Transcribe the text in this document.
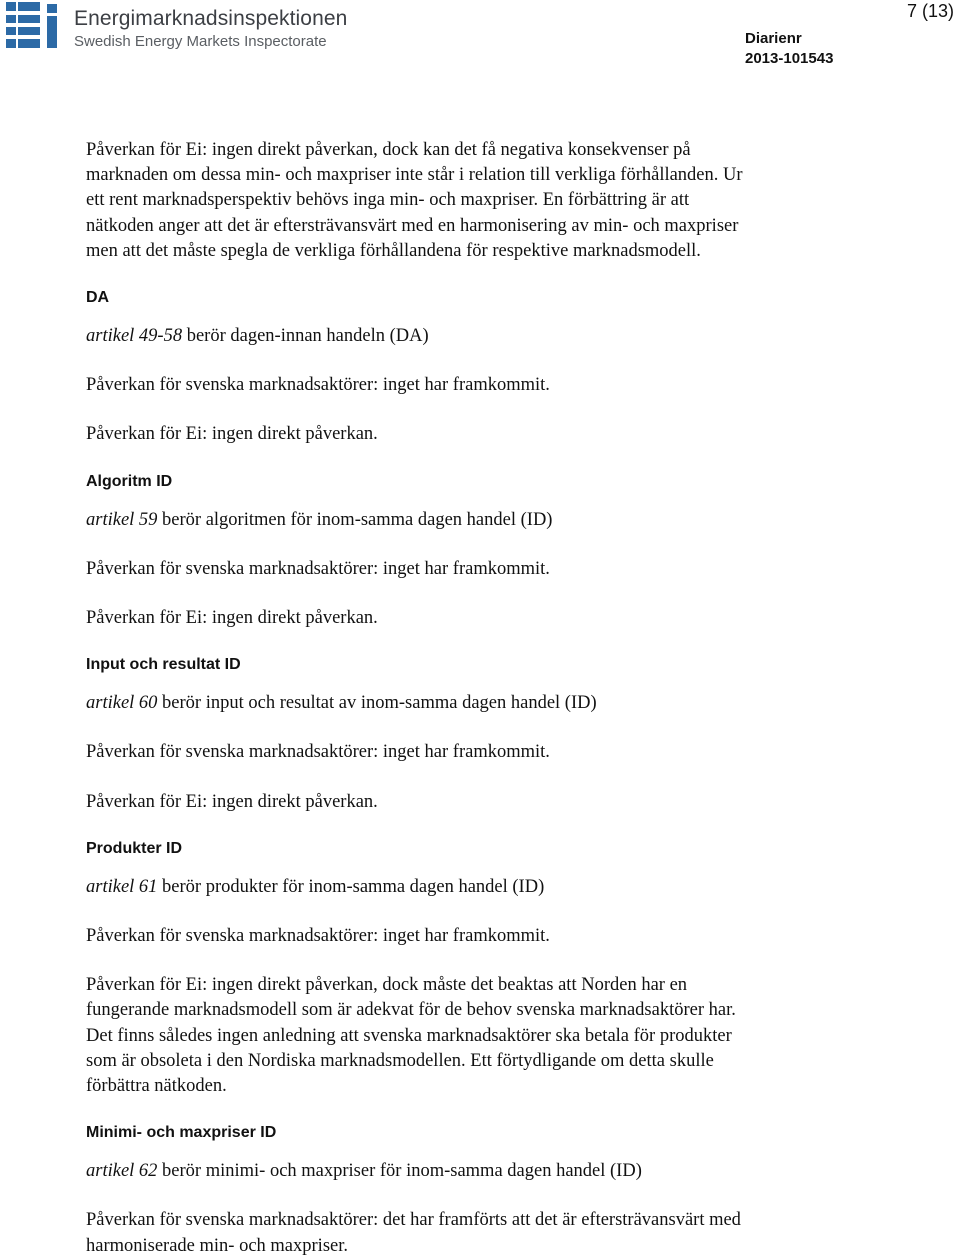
Energimarknadsinspektionen
Swedish Energy Markets Inspectorate
7 (13)
Diarienr
2013-101543

Påverkan för Ei: ingen direkt påverkan, dock kan det få negativa konsekvenser på
marknaden om dessa min- och maxpriser inte står i relation till verkliga förhållanden. Ur
ett rent marknadsperspektiv behövs inga min- och maxpriser. En förbättring är att
nätkoden anger att det är eftersträvansvärt med en harmonisering av min- och maxpriser
men att det måste spegla de verkliga förhållandena för respektive marknadsmodell.

DA

artikel 49-58 berör dagen-innan handeln (DA)

Påverkan för svenska marknadsaktörer: inget har framkommit.

Påverkan för Ei: ingen direkt påverkan.

Algoritm ID

artikel 59 berör algoritmen för inom-samma dagen handel (ID)

Påverkan för svenska marknadsaktörer: inget har framkommit.

Påverkan för Ei: ingen direkt påverkan.

Input och resultat ID

artikel 60 berör input och resultat av inom-samma dagen handel (ID)

Påverkan för svenska marknadsaktörer: inget har framkommit.

Påverkan för Ei: ingen direkt påverkan.

Produkter ID

artikel 61 berör produkter för inom-samma dagen handel (ID)

Påverkan för svenska marknadsaktörer: inget har framkommit.

Påverkan för Ei: ingen direkt påverkan, dock måste det beaktas att Norden har en
fungerande marknadsmodell som är adekvat för de behov svenska marknadsaktörer har.
Det finns således ingen anledning att svenska marknadsaktörer ska betala för produkter
som är obsoleta i den Nordiska marknadsmodellen. Ett förtydligande om detta skulle
förbättra nätkoden.

Minimi- och maxpriser ID

artikel 62 berör minimi- och maxpriser för inom-samma dagen handel (ID)

Påverkan för svenska marknadsaktörer: det har framförts att det är eftersträvansvärt med
harmoniserade min- och maxpriser.
